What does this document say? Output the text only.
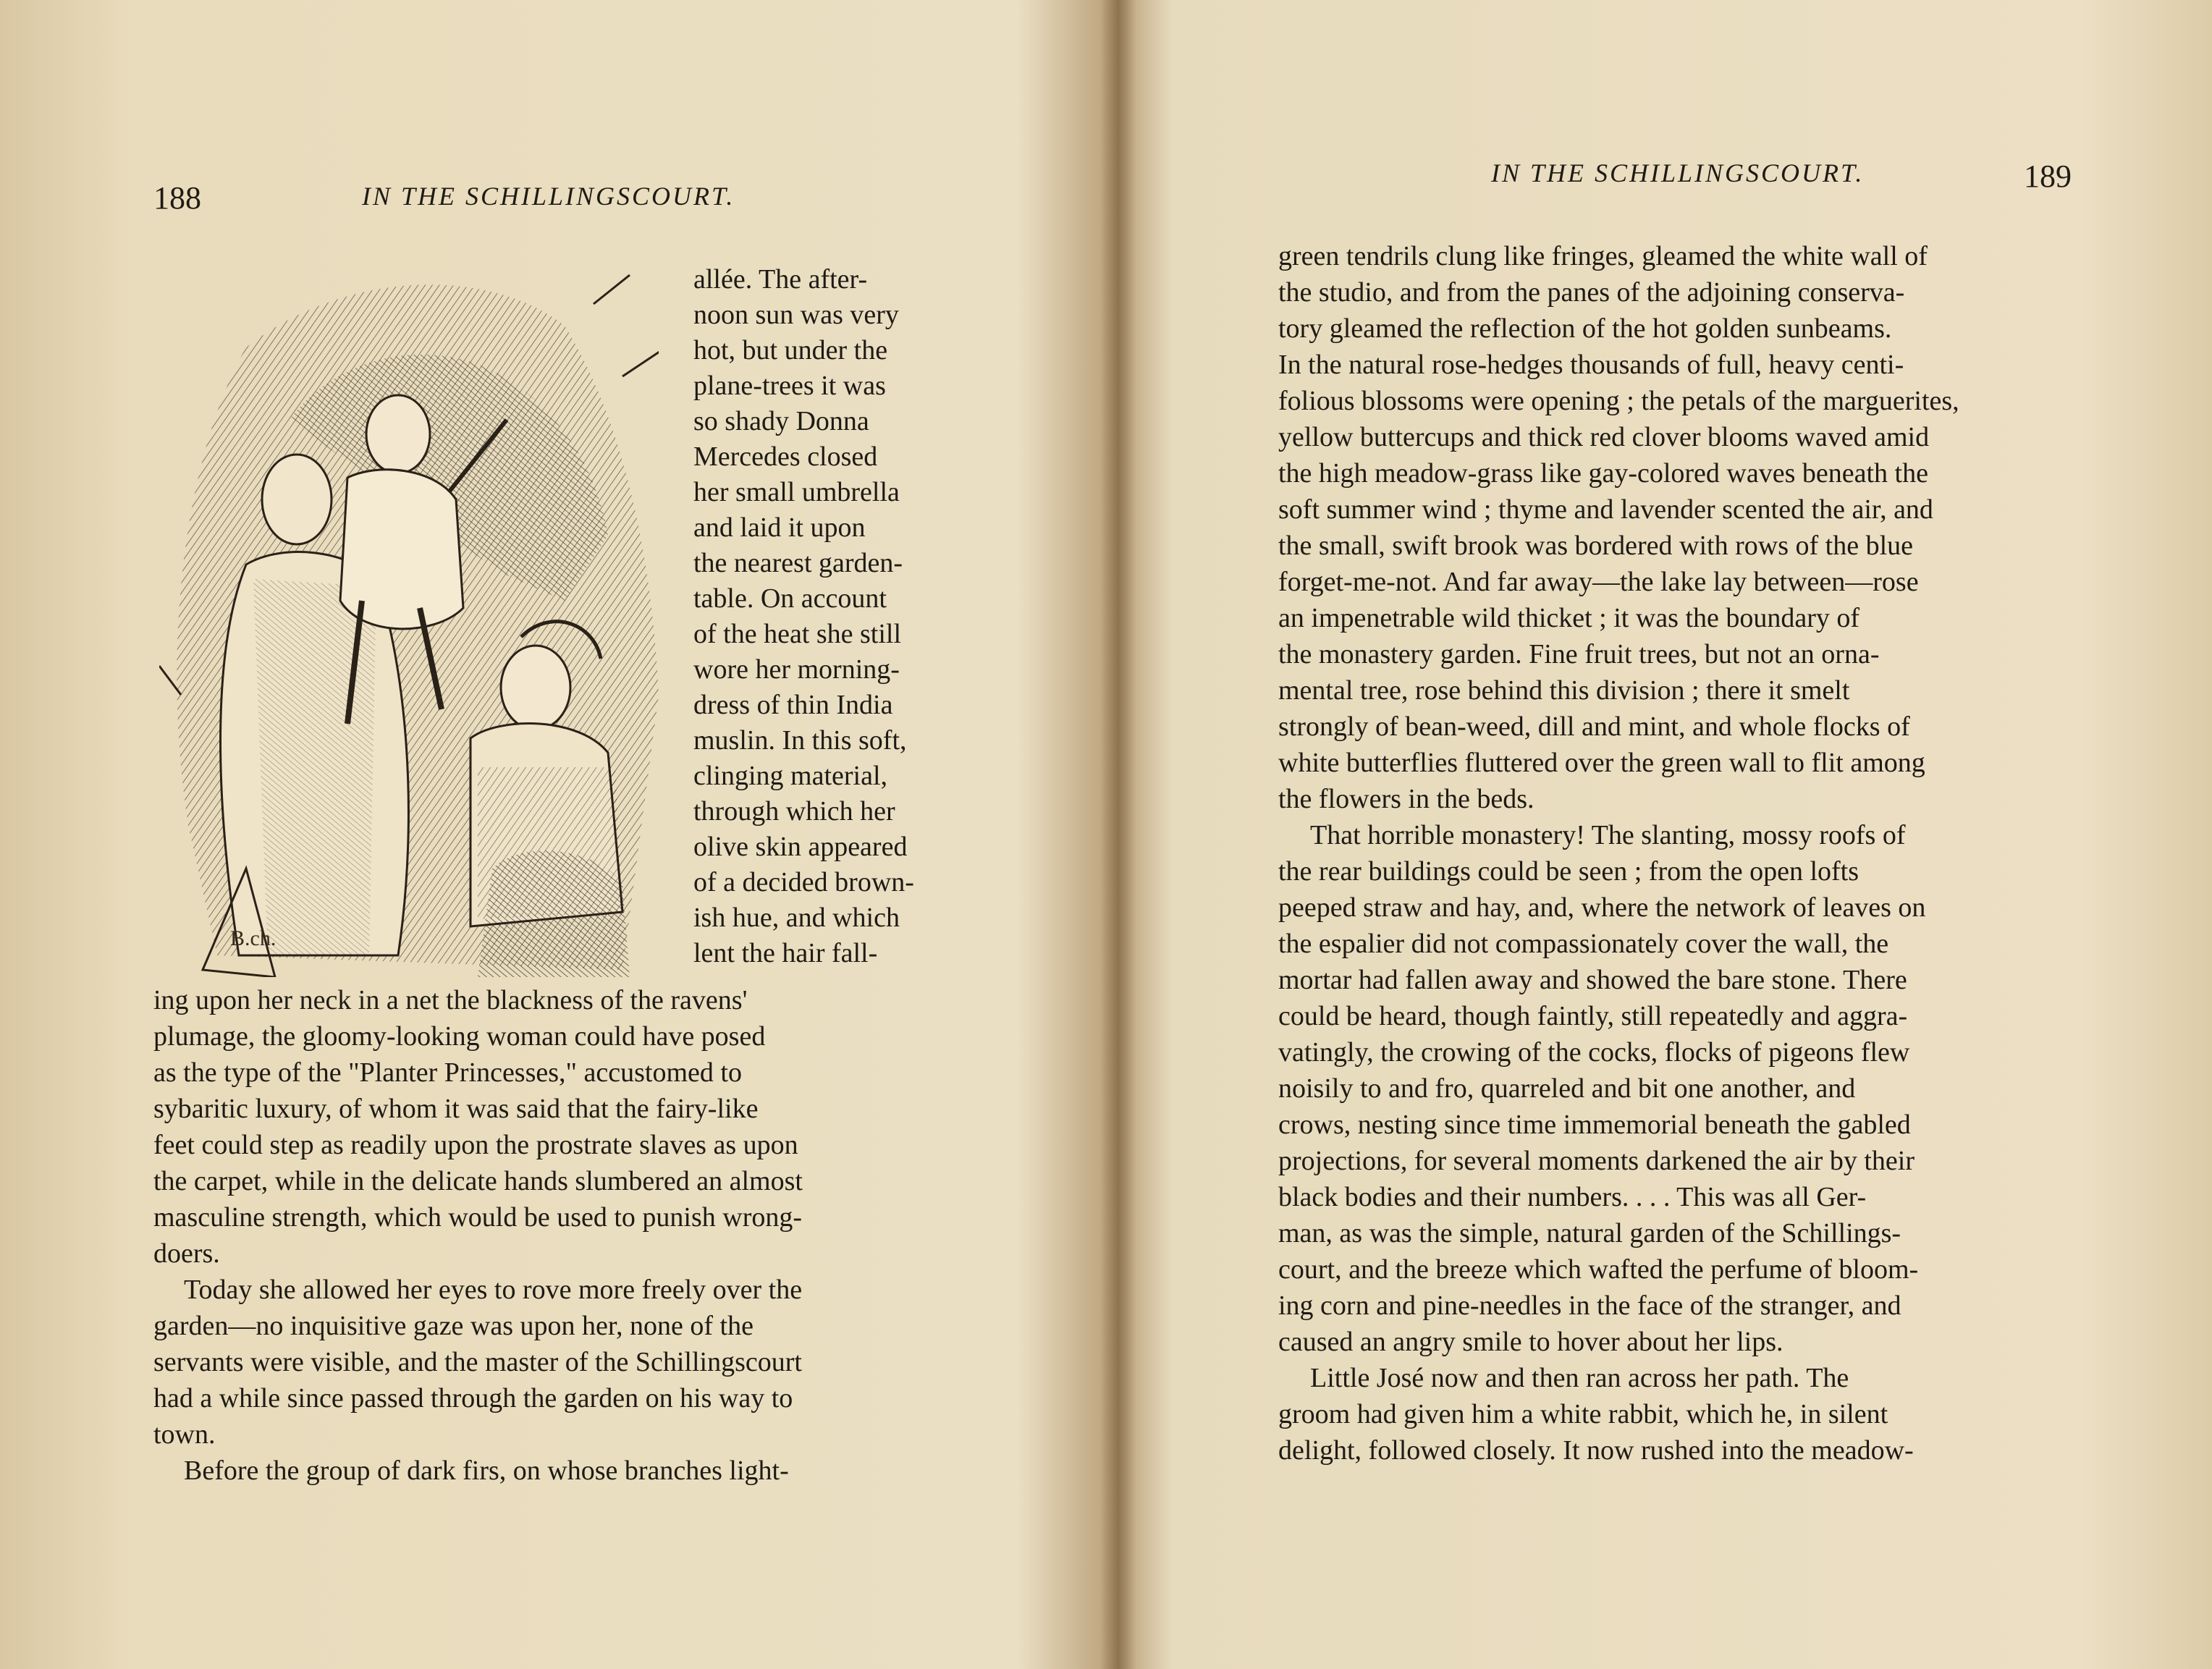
188	IN THE SCHILLINGSCOURT.
B.ch.
allée. The after-
noon sun was very
hot, but under the
plane-trees it was
so shady Donna
Mercedes closed
her small umbrella
and laid it upon
the nearest garden-
table. On account
of the heat she still
wore her morning-
dress of thin India
muslin. In this soft,
clinging material,
through which her
olive skin appeared
of a decided brown-
ish hue, and which
lent the hair fall-
ing upon her neck in a net the blackness of the ravens'
plumage, the gloomy-looking woman could have posed
as the type of the "Planter Princesses," accustomed to
sybaritic luxury, of whom it was said that the fairy-like
feet could step as readily upon the prostrate slaves as upon
the carpet, while in the delicate hands slumbered an almost
masculine strength, which would be used to punish wrong-
doers.
Today she allowed her eyes to rove more freely over the
garden—no inquisitive gaze was upon her, none of the
servants were visible, and the master of the Schillingscourt
had a while since passed through the garden on his way to
town.
Before the group of dark firs, on whose branches light-
IN THE SCHILLINGSCOURT.	189
green tendrils clung like fringes, gleamed the white wall of
the studio, and from the panes of the adjoining conserva-
tory gleamed the reflection of the hot golden sunbeams.
In the natural rose-hedges thousands of full, heavy centi-
folious blossoms were opening ; the petals of the marguerites,
yellow buttercups and thick red clover blooms waved amid
the high meadow-grass like gay-colored waves beneath the
soft summer wind ; thyme and lavender scented the air, and
the small, swift brook was bordered with rows of the blue
forget-me-not. And far away—the lake lay between—rose
an impenetrable wild thicket ; it was the boundary of
the monastery garden. Fine fruit trees, but not an orna-
mental tree, rose behind this division ; there it smelt
strongly of bean-weed, dill and mint, and whole flocks of
white butterflies fluttered over the green wall to flit among
the flowers in the beds.
That horrible monastery! The slanting, mossy roofs of
the rear buildings could be seen ; from the open lofts
peeped straw and hay, and, where the network of leaves on
the espalier did not compassionately cover the wall, the
mortar had fallen away and showed the bare stone. There
could be heard, though faintly, still repeatedly and aggra-
vatingly, the crowing of the cocks, flocks of pigeons flew
noisily to and fro, quarreled and bit one another, and
crows, nesting since time immemorial beneath the gabled
projections, for several moments darkened the air by their
black bodies and their numbers. . . . This was all Ger-
man, as was the simple, natural garden of the Schillings-
court, and the breeze which wafted the perfume of bloom-
ing corn and pine-needles in the face of the stranger, and
caused an angry smile to hover about her lips.
Little José now and then ran across her path. The
groom had given him a white rabbit, which he, in silent
delight, followed closely. It now rushed into the meadow-
